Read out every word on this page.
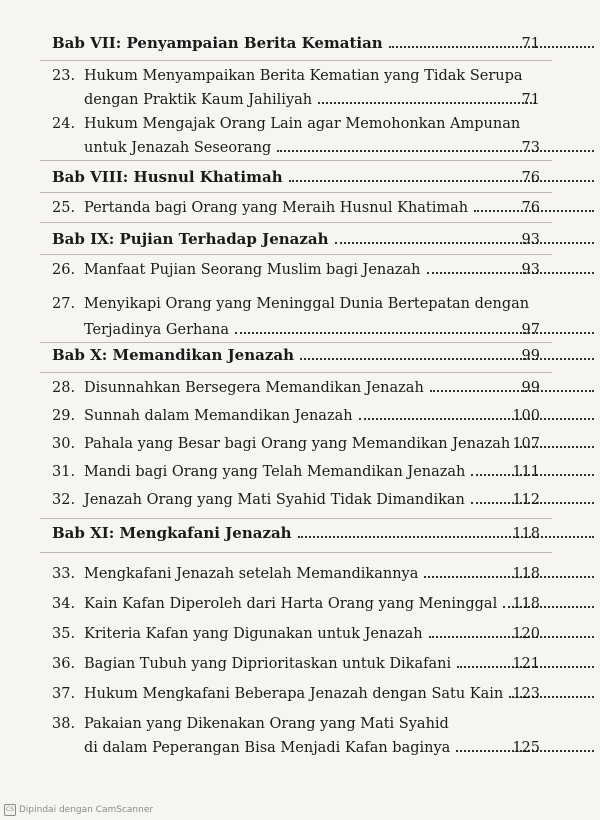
Bab VII: Penyampaian Berita Kematian	71
23. Hukum Menyampaikan Berita Kematian yang Tidak Serupa
dengan Praktik Kaum Jahiliyah	71
24. Hukum Mengajak Orang Lain agar Memohonkan Ampunan
untuk Jenazah Seseorang	73
Bab VIII: Husnul Khatimah	76
25. Pertanda bagi Orang yang Meraih Husnul Khatimah	76
Bab IX: Pujian Terhadap Jenazah	93
26. Manfaat Pujian Seorang Muslim bagi Jenazah	93
27. Menyikapi Orang yang Meninggal Dunia Bertepatan dengan
Terjadinya Gerhana	97
Bab X: Memandikan Jenazah	99
28. Disunnahkan Bersegera Memandikan Jenazah	99
29. Sunnah dalam Memandikan Jenazah	100
30. Pahala yang Besar bagi Orang yang Memandikan Jenazah 107
31. Mandi bagi Orang yang Telah Memandikan Jenazah	111
32. Jenazah Orang yang Mati Syahid Tidak Dimandikan	112
Bab XI: Mengkafani Jenazah	118
33. Mengkafani Jenazah setelah Memandikannya	118
34. Kain Kafan Diperoleh dari Harta Orang yang Meninggal	118
35. Kriteria Kafan yang Digunakan untuk Jenazah	120
36. Bagian Tubuh yang Diprioritaskan untuk Dikafani	121
37. Hukum Mengkafani Beberapa Jenazah dengan Satu Kain 123
38. Pakaian yang Dikenakan Orang yang Mati Syahid
di dalam Peperangan Bisa Menjadi Kafan baginya	125
CS Dipindai dengan CamScanner
